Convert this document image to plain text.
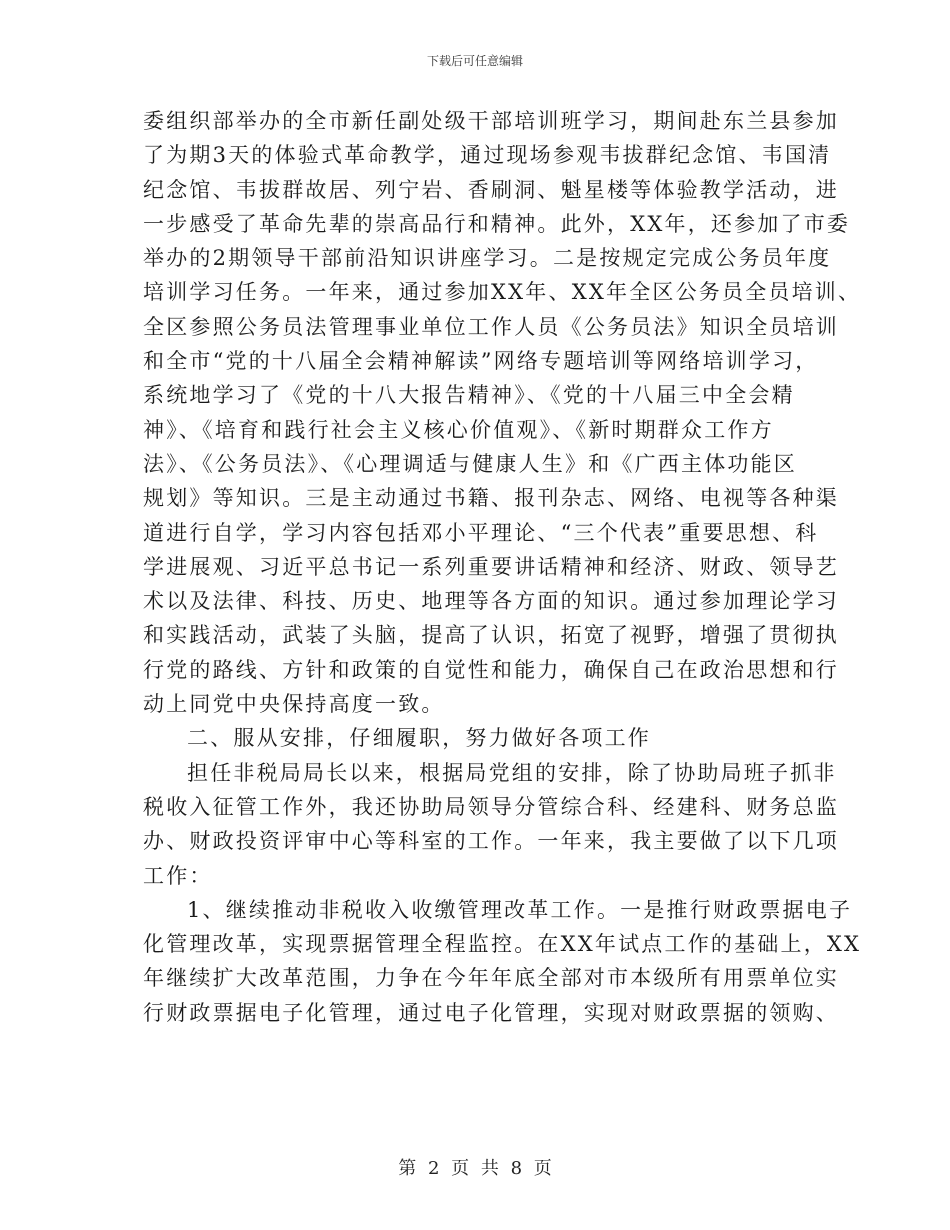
下载后可任意编辑
委组织部举办的全市新任副处级干部培训班学习，期间赴东兰县参加
了为期3天的体验式革命教学，通过现场参观韦拔群纪念馆、韦国清
纪念馆、韦拔群故居、列宁岩、香刷洞、魁星楼等体验教学活动，进
一步感受了革命先辈的崇高品行和精神。此外，XX年，还参加了市委
举办的2期领导干部前沿知识讲座学习。二是按规定完成公务员年度
培训学习任务。一年来，通过参加XX年、XX年全区公务员全员培训、
全区参照公务员法管理事业单位工作人员《公务员法》知识全员培训
和全市“党的十八届全会精神解读”网络专题培训等网络培训学习，
系统地学习了《党的十八大报告精神》、《党的十八届三中全会精
神》、《培育和践行社会主义核心价值观》、《新时期群众工作方
法》、《公务员法》、《心理调适与健康人生》和《广西主体功能区
规划》等知识。三是主动通过书籍、报刊杂志、网络、电视等各种渠
道进行自学，学习内容包括邓小平理论、“三个代表”重要思想、科
学进展观、习近平总书记一系列重要讲话精神和经济、财政、领导艺
术以及法律、科技、历史、地理等各方面的知识。通过参加理论学习
和实践活动，武装了头脑，提高了认识，拓宽了视野，增强了贯彻执
行党的路线、方针和政策的自觉性和能力，确保自己在政治思想和行
动上同党中央保持高度一致。
二、服从安排，仔细履职，努力做好各项工作
担任非税局局长以来，根据局党组的安排，除了协助局班子抓非
税收入征管工作外，我还协助局领导分管综合科、经建科、财务总监
办、财政投资评审中心等科室的工作。一年来，我主要做了以下几项
工作：
1、继续推动非税收入收缴管理改革工作。一是推行财政票据电子
化管理改革，实现票据管理全程监控。在XX年试点工作的基础上，XX
年继续扩大改革范围，力争在今年年底全部对市本级所有用票单位实
行财政票据电子化管理，通过电子化管理，实现对财政票据的领购、
第 2 页 共 8 页
